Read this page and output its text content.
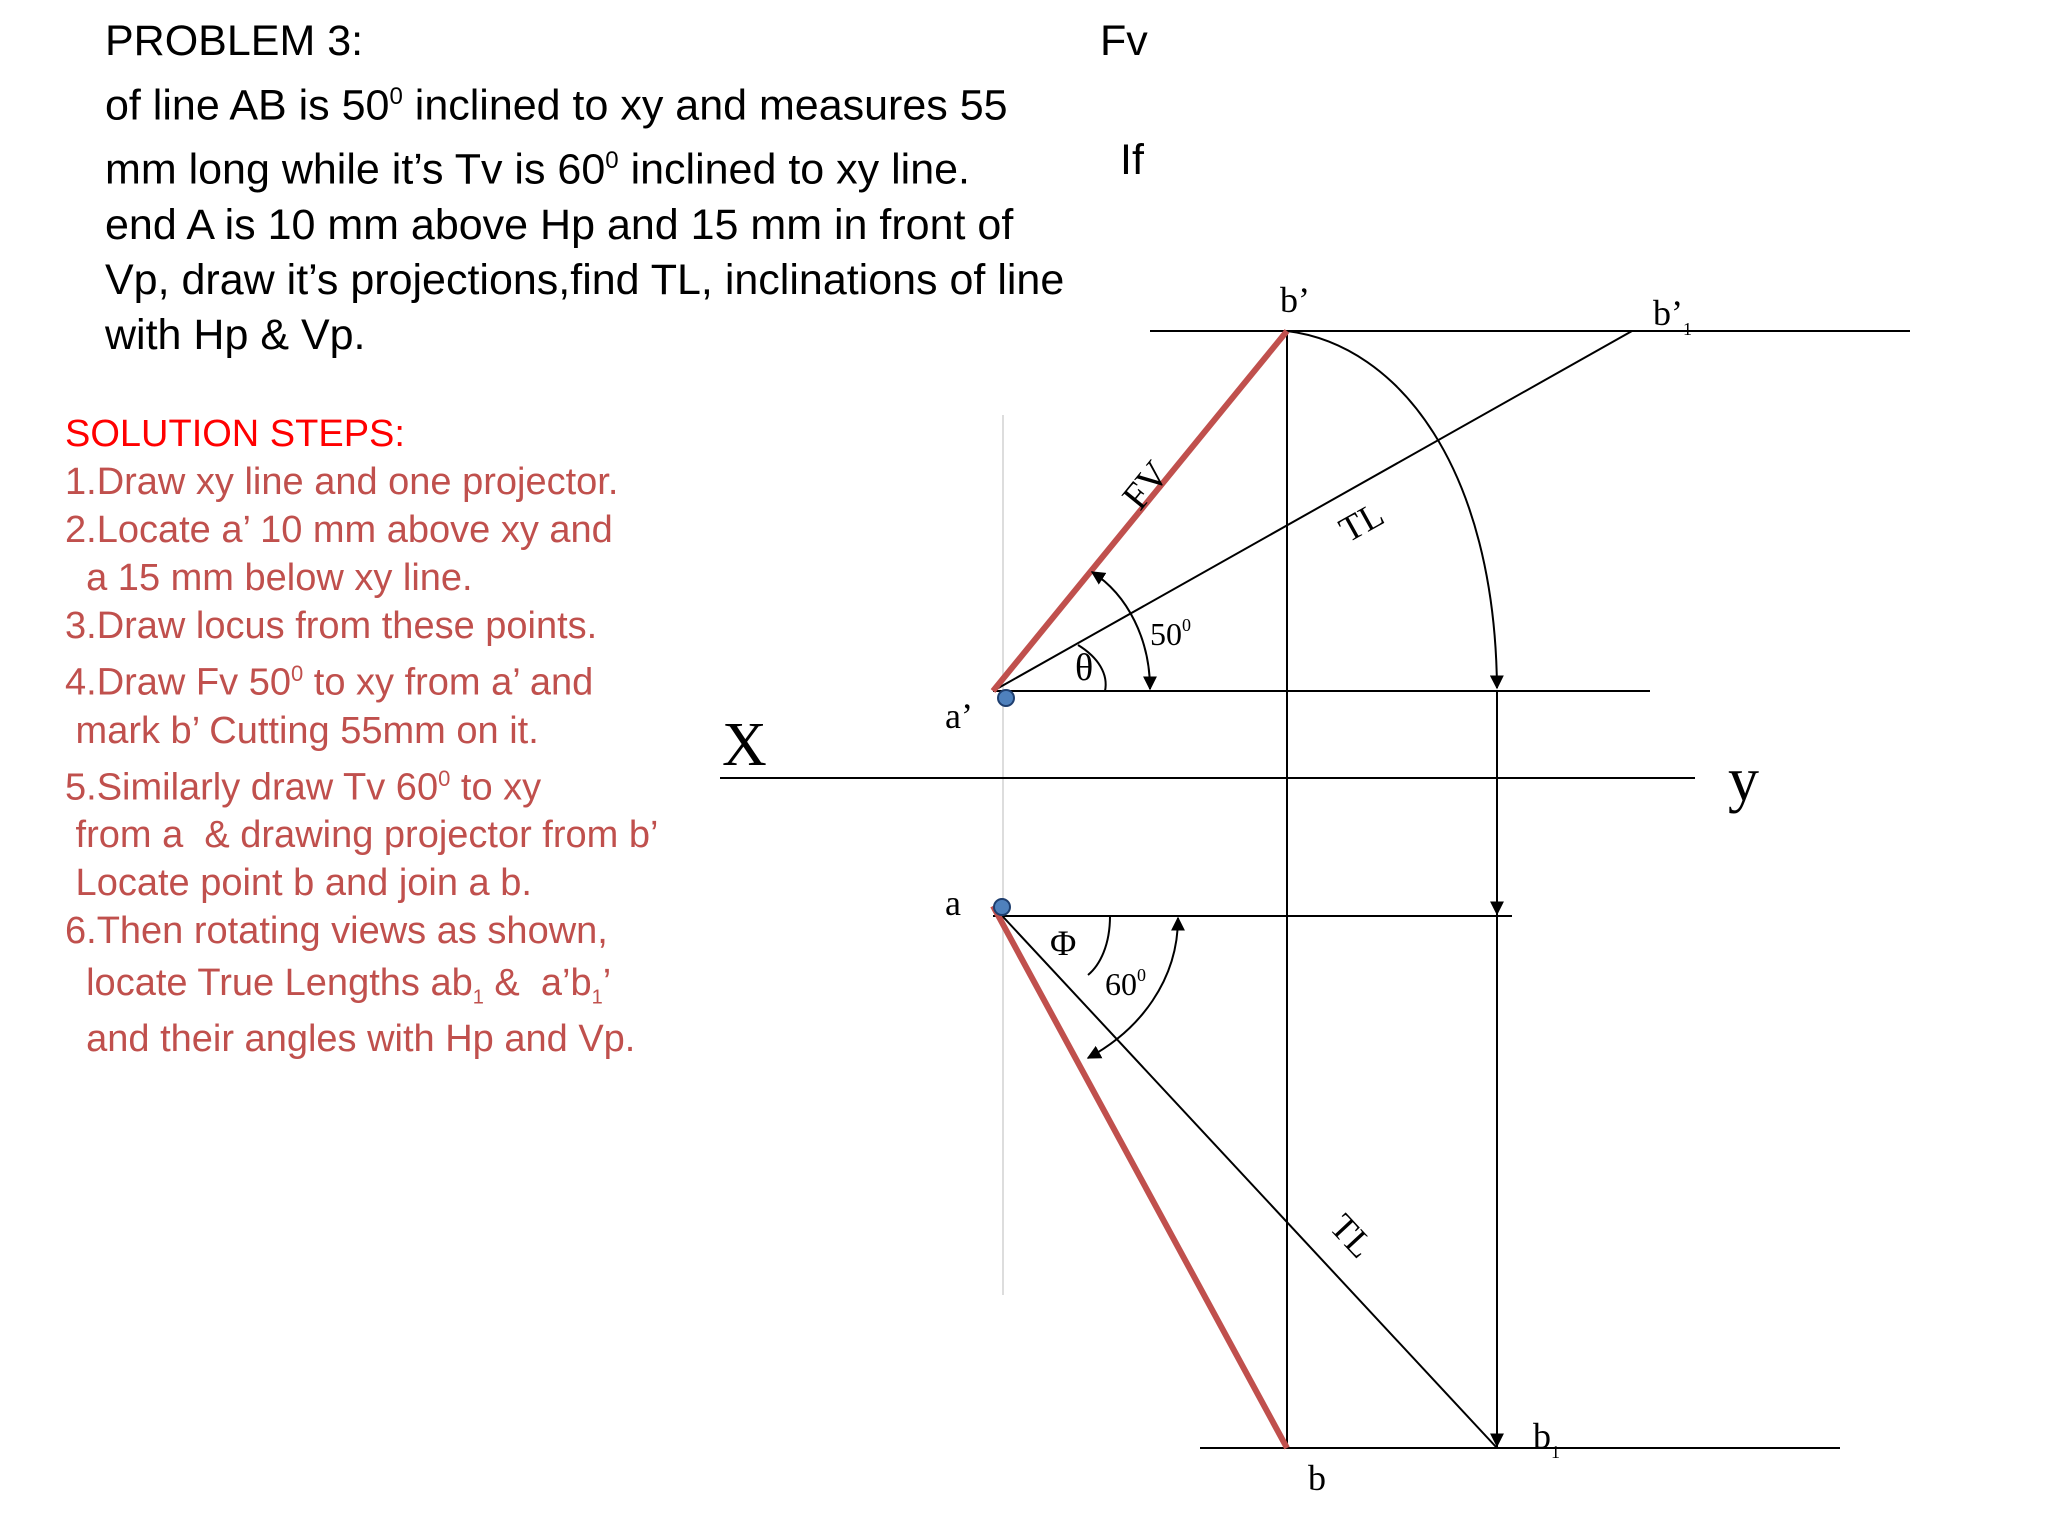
PROBLEM 3:	Fv
of line AB is $50^0$ inclined to xy and measures 55
mm long while it’s Tv is $60^0$ inclined to xy line.	If
end A is 10 mm above Hp and 15 mm in front of
Vp, draw it’s projections,find TL, inclinations of line
with Hp & Vp.
SOLUTION STEPS:
1.Draw xy line and one projector.
2.Locate a’ 10 mm above xy and
a 15 mm below xy line.
3.Draw locus from these points.
4.Draw Fv $50^0$ to xy from a’ and
mark b’ Cutting 55mm on it.
5.Similarly draw Tv $60^0$ to xy
from a  & drawing projector from b’
Locate point b and join a b.
6.Then rotating views as shown,
locate True Lengths $ab_1$ &  $a’b_1$’
and their angles with Hp and Vp.
X
y
a’
b’	$b’_1$
a
b
$b_1$
FV
TL
TL
θ
Φ
$50^0$
$60^0$
